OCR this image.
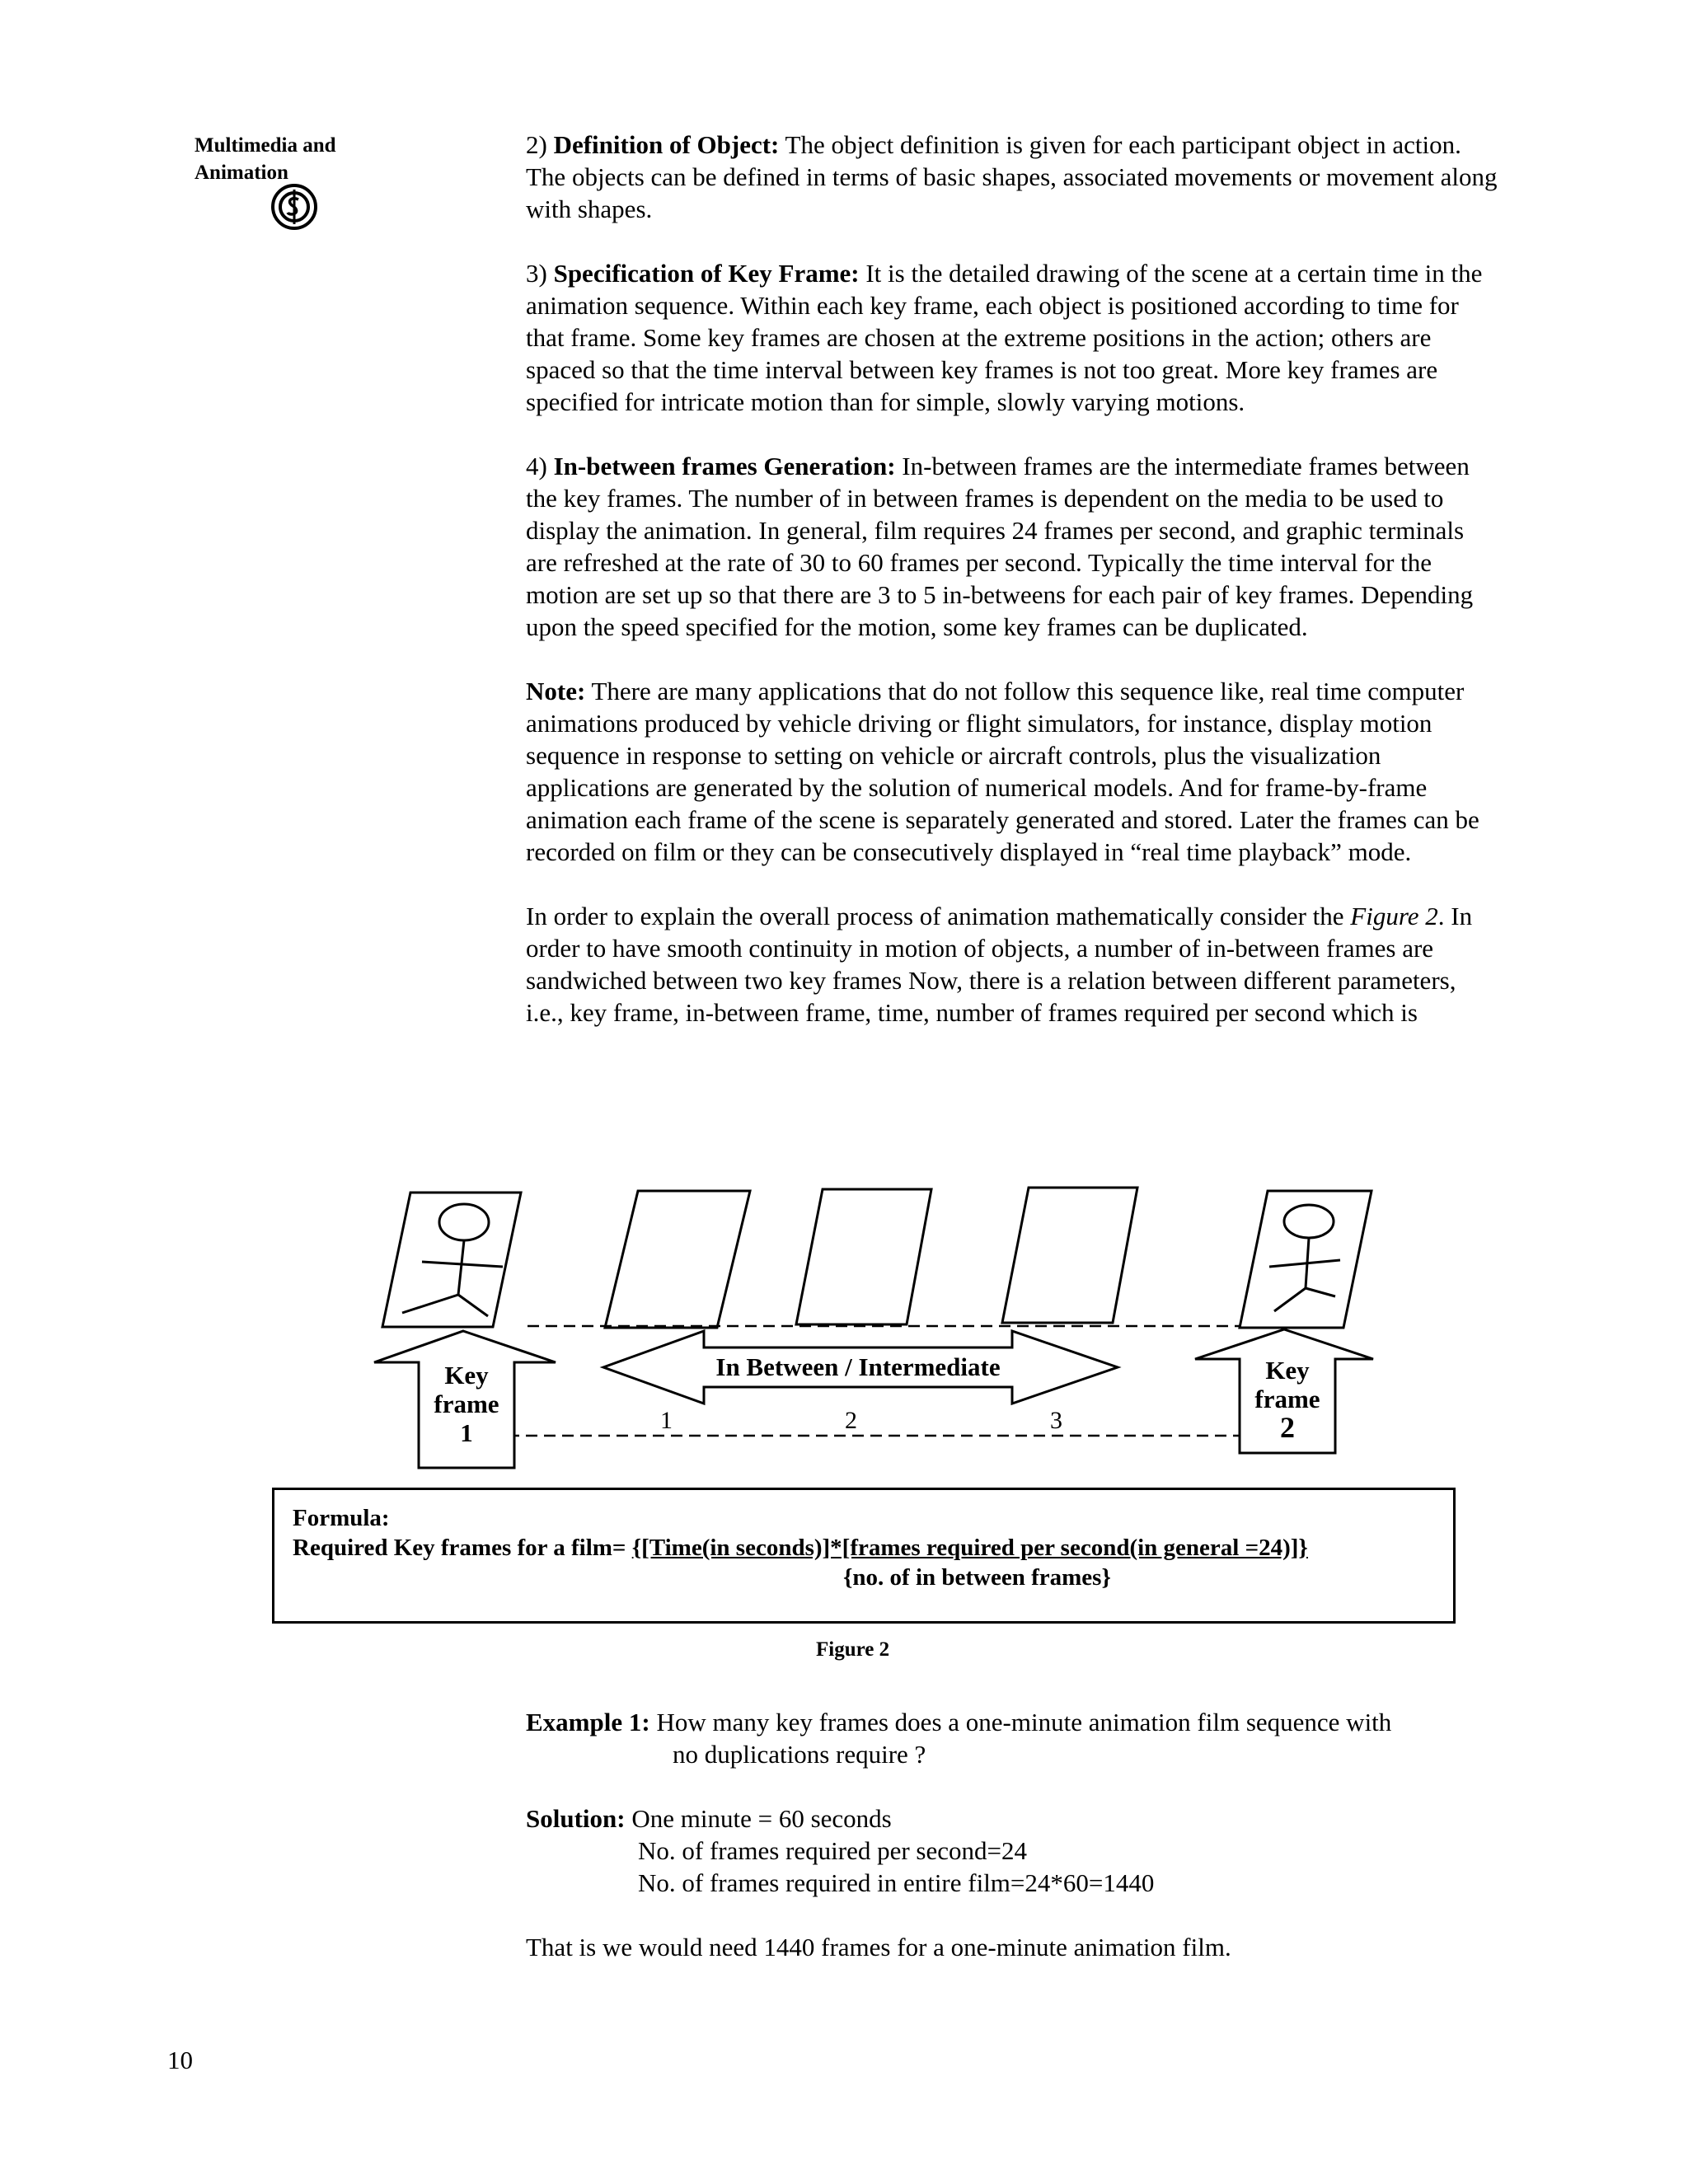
Multimedia and
Animation

2) Definition of Object: The object definition is given for each participant object in action. The objects can be defined in terms of basic shapes, associated movements or movement along with shapes.

3) Specification of Key Frame: It is the detailed drawing of the scene at a certain time in the animation sequence. Within each key frame, each object is positioned according to time for that frame. Some key frames are chosen at the extreme positions in the action; others are spaced so that the time interval between key frames is not too great. More key frames are specified for intricate motion than for simple, slowly varying motions.

4) In-between frames Generation: In-between frames are the intermediate frames between the key frames. The number of in between frames is dependent on the media to be used to display the animation. In general, film requires 24 frames per second, and graphic terminals are refreshed at the rate of 30 to 60 frames per second. Typically the time interval for the motion are set up so that there are 3 to 5 in-betweens for each pair of key frames. Depending upon the speed specified for the motion, some key frames can be duplicated.

Note: There are many applications that do not follow this sequence like, real time computer animations produced by vehicle driving or flight simulators, for instance, display motion sequence in response to setting on vehicle or aircraft controls, plus the visualization applications are generated by the solution of numerical models. And for frame-by-frame animation each frame of the scene is separately generated and stored. Later the frames can be recorded on film or they can be consecutively displayed in “real time playback” mode.

In order to explain the overall process of animation mathematically consider the Figure 2. In order to have smooth continuity in motion of objects, a number of in-between frames are sandwiched between two key frames Now, there is a relation between different parameters, i.e., key frame, in-between frame, time, number of frames required per second which is

Key
frame
1
In Between / Intermediate	Key
frame
2
1	2	3
Formula:
Required Key frames for a film= {[Time(in seconds)]*[frames required per second(in general =24)]}
{no. of in between frames}
Figure 2
Example 1: How many key frames does a one-minute animation film sequence with
no duplications require ?
Solution: One minute = 60 seconds
No. of frames required per second=24
No. of frames required in entire film=24*60=1440
That is we would need 1440 frames for a one-minute animation film.
10
